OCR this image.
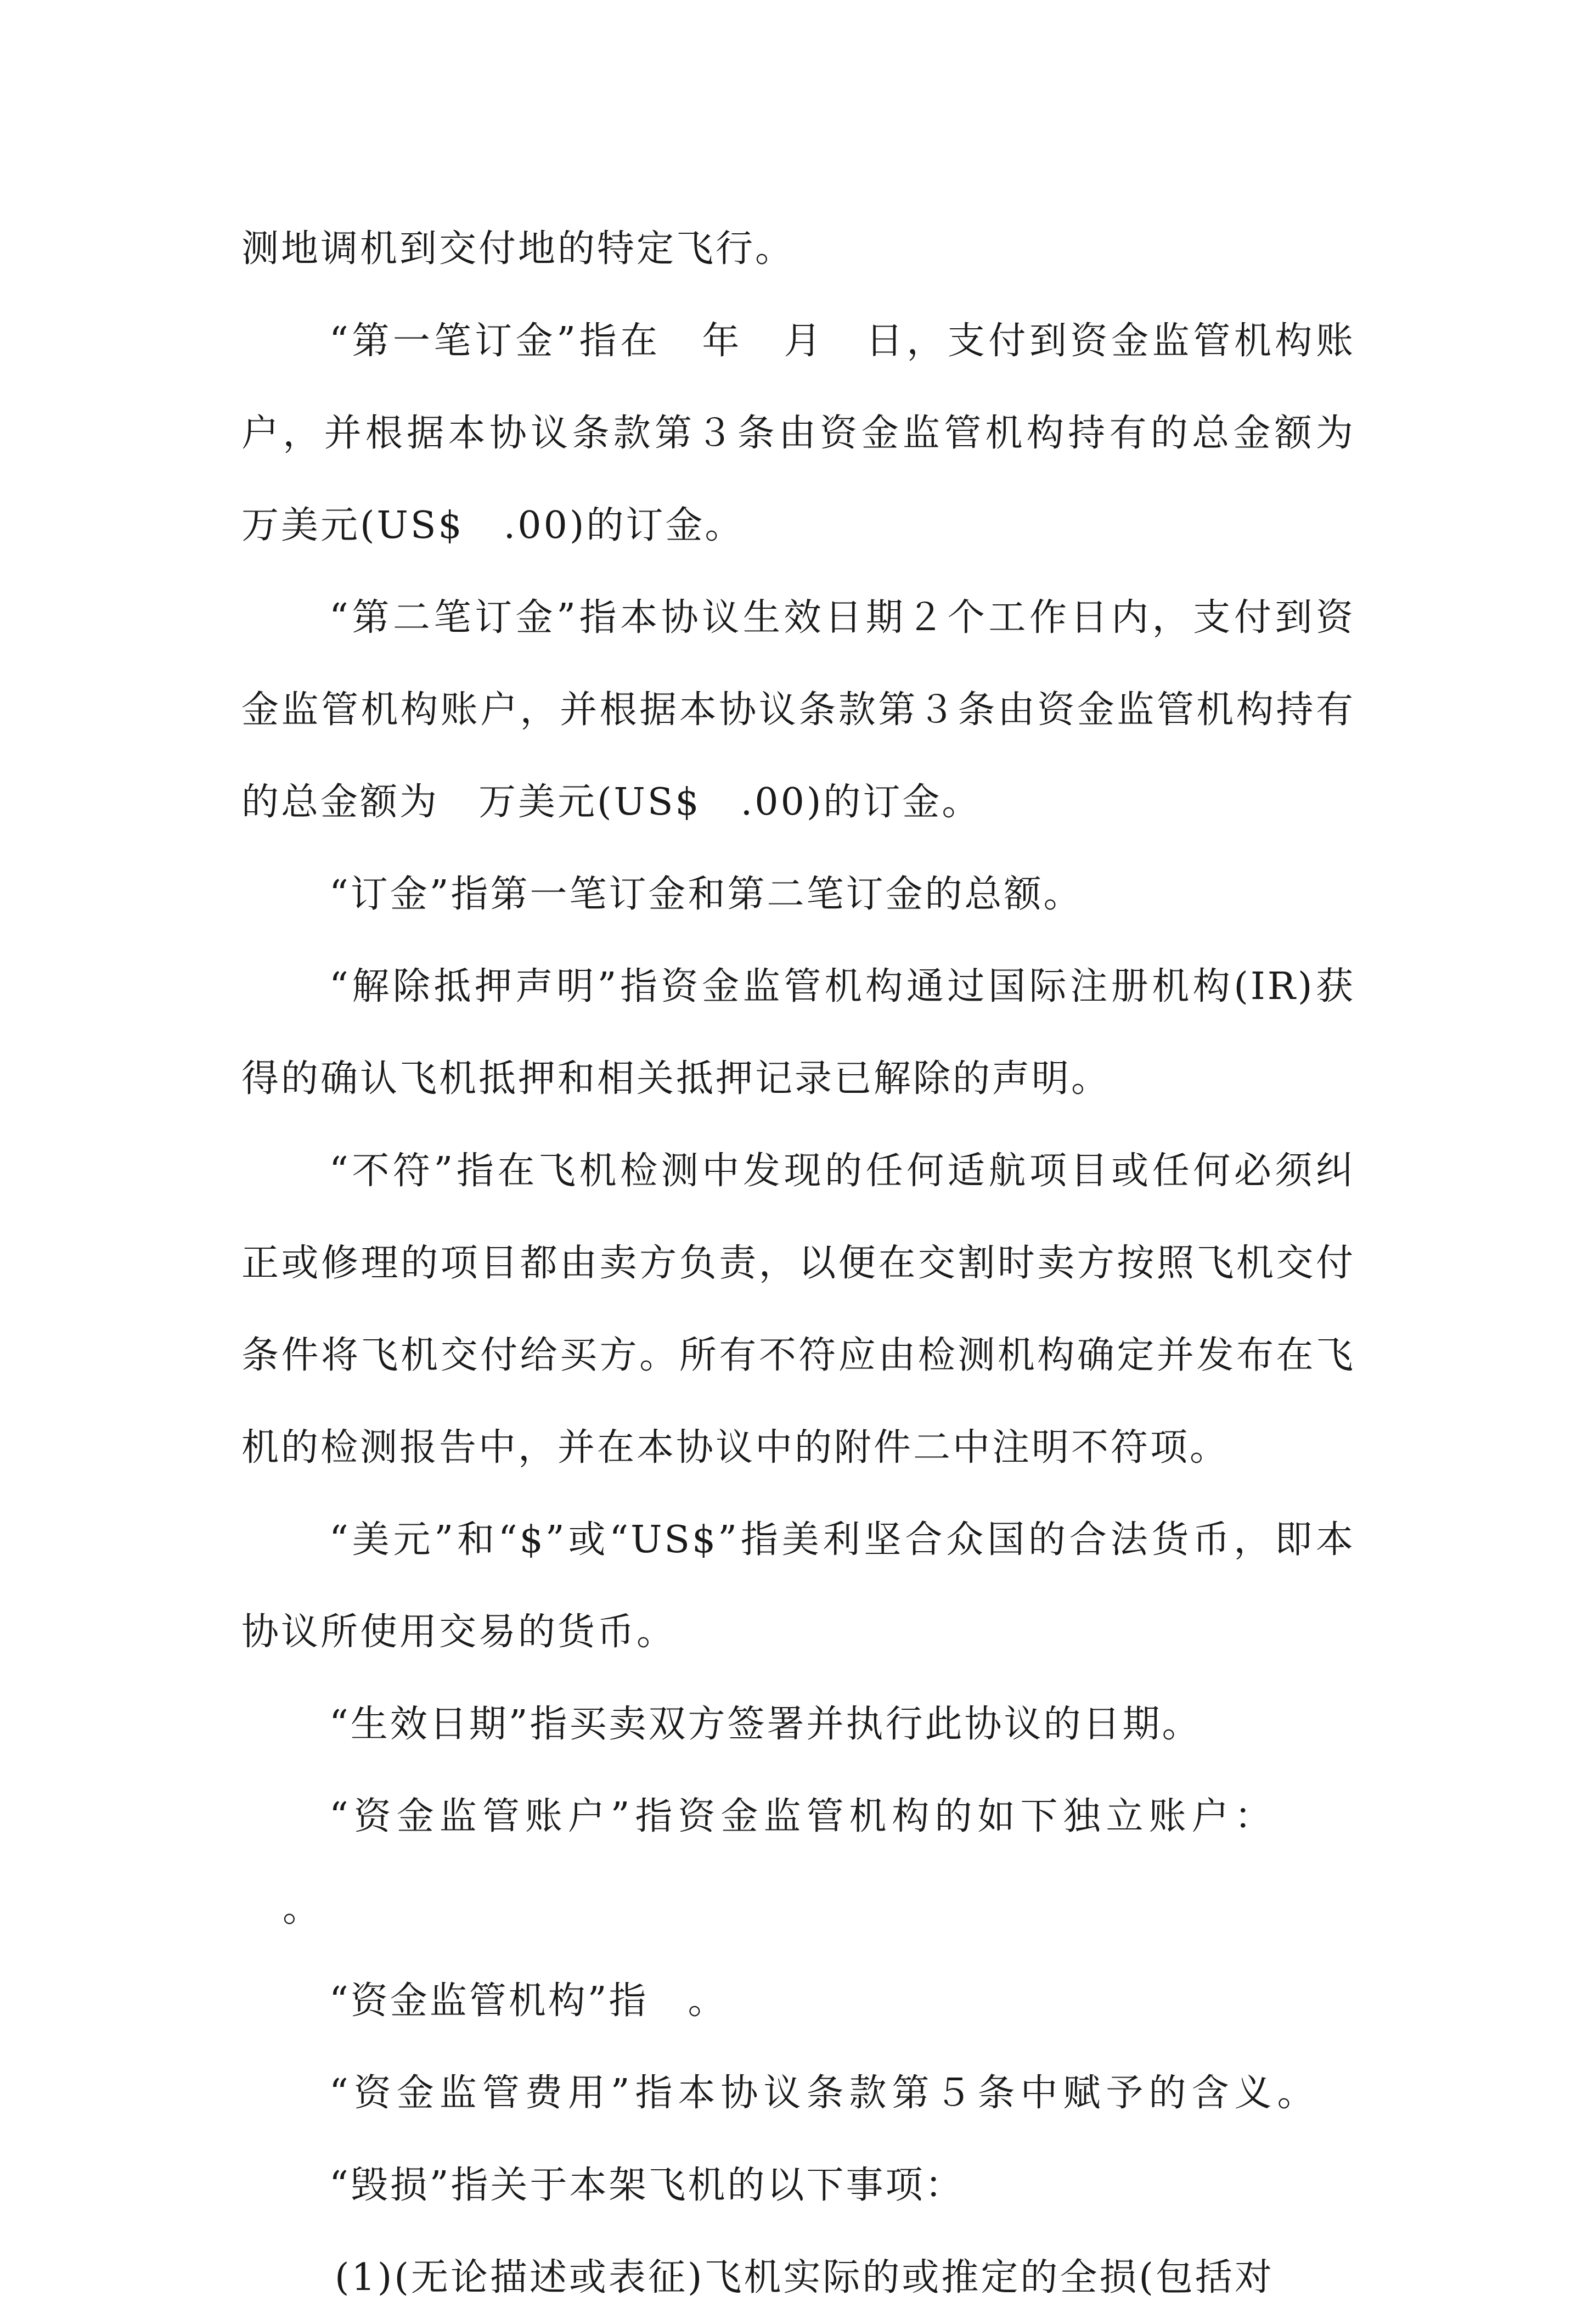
测地调机到交付地的特定飞行。

“第一笔订金”指在　年　月　日，支付到资金监管机构账户，并根据本协议条款第３条由资金监管机构持有的总金额为　万美元(US$　.00)的订金。

“第二笔订金”指本协议生效日期２个工作日内，支付到资金监管机构账户，并根据本协议条款第３条由资金监管机构持有的总金额为　万美元(US$　.00)的订金。

“订金”指第一笔订金和第二笔订金的总额。

“解除抵押声明”指资金监管机构通过国际注册机构(IR)获得的确认飞机抵押和相关抵押记录已解除的声明。

“不符”指在飞机检测中发现的任何适航项目或任何必须纠正或修理的项目都由卖方负责，以便在交割时卖方按照飞机交付条件将飞机交付给买方。所有不符应由检测机构确定并发布在飞机的检测报告中，并在本协议中的附件二中注明不符项。

“美元”和“$”或“US$”指美利坚合众国的合法货币，即本协议所使用交易的货币。

“生效日期”指买卖双方签署并执行此协议的日期。

“资金监管账户”指资金监管机构的如下独立账户：

。

“资金监管机构”指　。

“资金监管费用”指本协议条款第５条中赋予的含义。

“毁损”指关于本架飞机的以下事项：

(1)(无论描述或表征)飞机实际的或推定的全损(包括对
